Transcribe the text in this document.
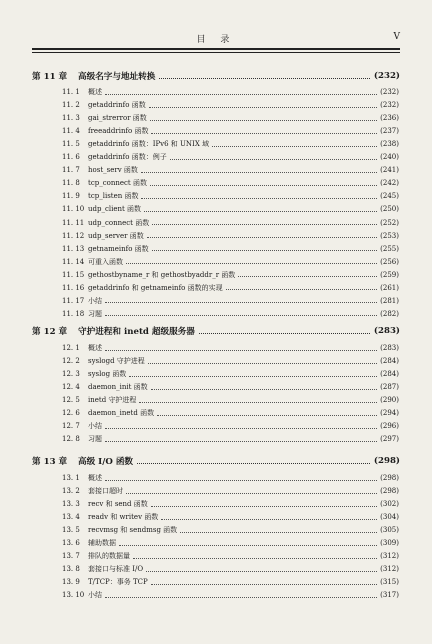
目 录	V
第 11 章	高级名字与地址转换	(232)
11. 1	概述	(232)
11. 2	getaddrinfo 函数	(232)
11. 3	gai_strerror 函数	(236)
11. 4	freeaddrinfo 函数	(237)
11. 5	getaddrinfo 函数：IPv6 和 UNIX 域	(238)
11. 6	getaddrinfo 函数：例子	(240)
11. 7	host_serv 函数	(241)
11. 8	tcp_connect 函数	(242)
11. 9	tcp_listen 函数	(245)
11. 10 udp_client 函数	(250)
11. 11 udp_connect 函数	(252)
11. 12 udp_server 函数	(253)
11. 13 getnameinfo 函数	(255)
11. 14 可重入函数	(256)
11. 15 gethostbyname_r 和 gethostbyaddr_r 函数	(259)
11. 16 getaddrinfo 和 getnameinfo 函数的实现	(261)
11. 17 小结	(281)
11. 18 习题	(282)
第 12 章	守护进程和 inetd 超级服务器	(283)
12. 1	概述	(283)
12. 2	syslogd 守护进程	(284)
12. 3	syslog 函数	(284)
12. 4	daemon_init 函数	(287)
12. 5	inetd 守护进程	(290)
12. 6	daemon_inetd 函数	(294)
12. 7	小结	(296)
12. 8	习题	(297)
第 13 章	高级 I/O 函数	(298)
13. 1	概述	(298)
13. 2	套接口超时	(298)
13. 3	recv 和 send 函数	(302)
13. 4	readv 和 writev 函数	(304)
13. 5	recvmsg 和 sendmsg 函数	(305)
13. 6	辅助数据	(309)
13. 7	排队的数据量	(312)
13. 8	套接口与标准 I/O	(312)
13. 9	T/TCP：事务 TCP	(315)
13. 10 小结	(317)
